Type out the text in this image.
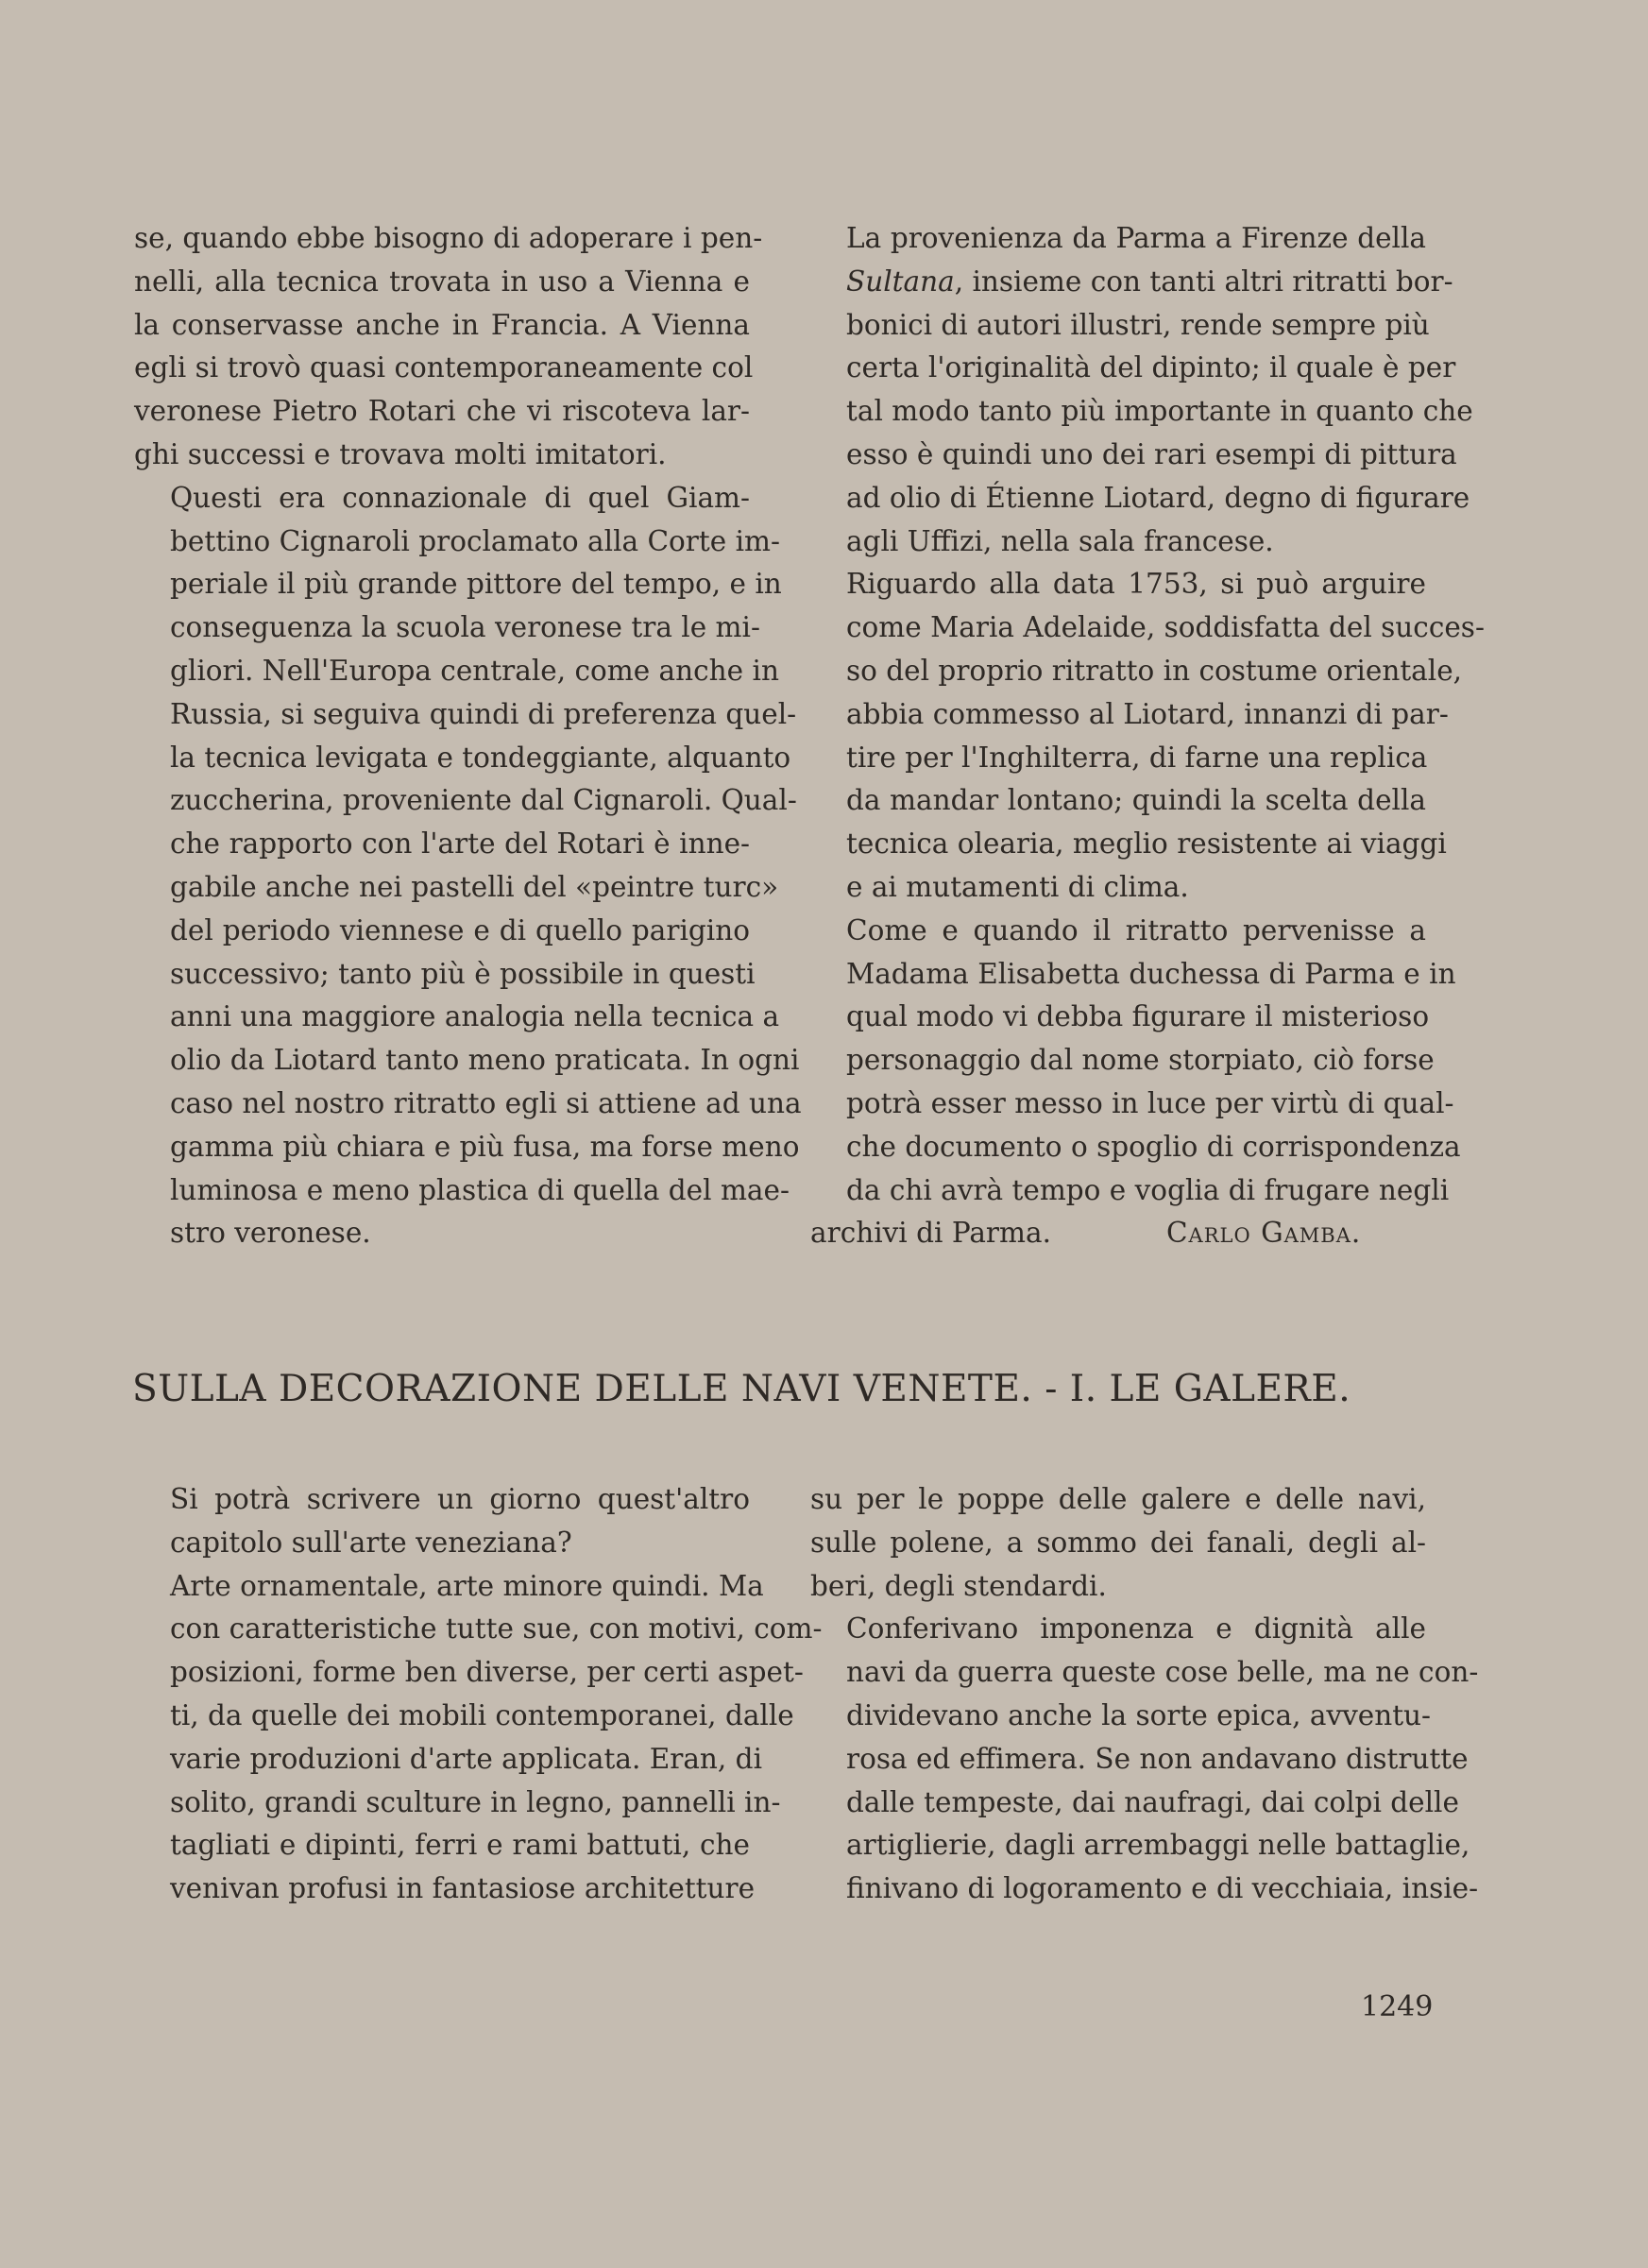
se, quando ebbe bisogno di adoperare i pen-
nelli, alla tecnica trovata in uso a Vienna e
la conservasse anche in Francia. A Vienna
egli si trovò quasi contemporaneamente col
veronese Pietro Rotari che vi riscoteva lar-
ghi successi e trovava molti imitatori.

Questi era connazionale di quel Giam-
bettino Cignaroli proclamato alla Corte im-
periale il più grande pittore del tempo, e in
conseguenza la scuola veronese tra le mi-
gliori. Nell'Europa centrale, come anche in
Russia, si seguiva quindi di preferenza quel-
la tecnica levigata e tondeggiante, alquanto
zuccherina, proveniente dal Cignaroli. Qual-
che rapporto con l'arte del Rotari è inne-
gabile anche nei pastelli del «peintre turc»
del periodo viennese e di quello parigino
successivo; tanto più è possibile in questi
anni una maggiore analogia nella tecnica a
olio da Liotard tanto meno praticata. In ogni
caso nel nostro ritratto egli si attiene ad una
gamma più chiara e più fusa, ma forse meno
luminosa e meno plastica di quella del mae-
stro veronese.

La provenienza da Parma a Firenze della
Sultana, insieme con tanti altri ritratti bor-
bonici di autori illustri, rende sempre più
certa l'originalità del dipinto; il quale è per
tal modo tanto più importante in quanto che
esso è quindi uno dei rari esempi di pittura
ad olio di Étienne Liotard, degno di figurare
agli Uffizi, nella sala francese.

Riguardo alla data 1753, si può arguire
come Maria Adelaide, soddisfatta del succes-
so del proprio ritratto in costume orientale,
abbia commesso al Liotard, innanzi di par-
tire per l'Inghilterra, di farne una replica
da mandar lontano; quindi la scelta della
tecnica olearia, meglio resistente ai viaggi
e ai mutamenti di clima.

Come e quando il ritratto pervenisse a
Madama Elisabetta duchessa di Parma e in
qual modo vi debba figurare il misterioso
personaggio dal nome storpiato, ciò forse
potrà esser messo in luce per virtù di qual-
che documento o spoglio di corrispondenza
da chi avrà tempo e voglia di frugare negli

archivi di Parma.	Carlo Gamba.

SULLA DECORAZIONE DELLE NAVI VENETE. - I. LE GALERE.

Si potrà scrivere un giorno quest'altro
capitolo sull'arte veneziana?

Arte ornamentale, arte minore quindi. Ma
con caratteristiche tutte sue, con motivi, com-
posizioni, forme ben diverse, per certi aspet-
ti, da quelle dei mobili contemporanei, dalle
varie produzioni d'arte applicata. Eran, di
solito, grandi sculture in legno, pannelli in-
tagliati e dipinti, ferri e rami battuti, che
venivan profusi in fantasiose architetture

su per le poppe delle galere e delle navi,
sulle polene, a sommo dei fanali, degli al-
beri, degli stendardi.

Conferivano imponenza e dignità alle
navi da guerra queste cose belle, ma ne con-
dividevano anche la sorte epica, avventu-
rosa ed effimera. Se non andavano distrutte
dalle tempeste, dai naufragi, dai colpi delle
artiglierie, dagli arrembaggi nelle battaglie,
finivano di logoramento e di vecchiaia, insie-

1249
